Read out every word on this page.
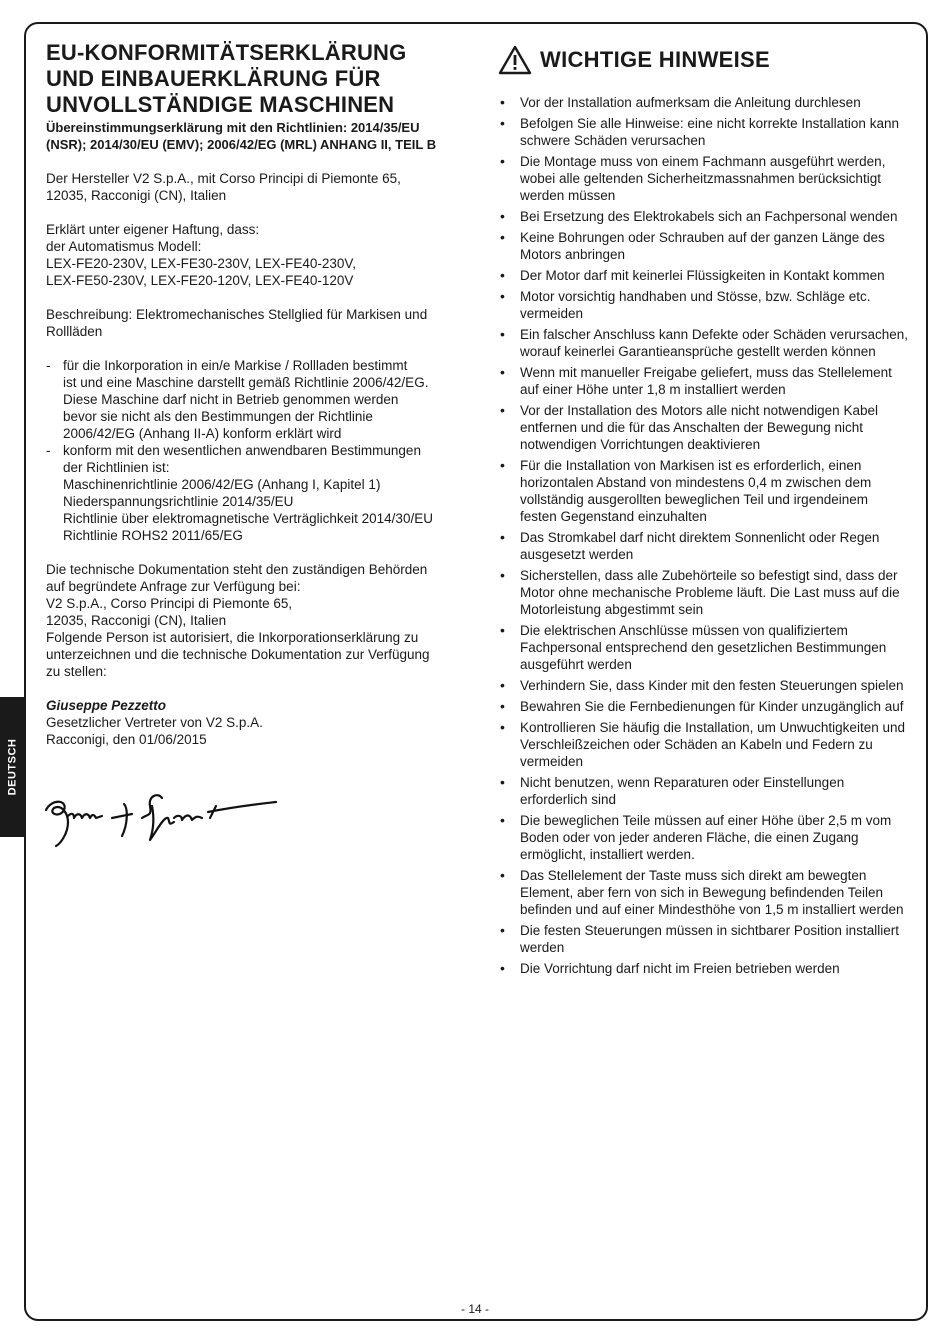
DEUTSCH
EU-KONFORMITÄTSERKLÄRUNG UND EINBAUERKLÄRUNG FÜR UNVOLLSTÄNDIGE MASCHINEN
Übereinstimmungserklärung mit den Richtlinien: 2014/35/EU (NSR); 2014/30/EU (EMV); 2006/42/EG (MRL) ANHANG II, TEIL B
Der Hersteller V2 S.p.A., mit Corso Principi di Piemonte 65,
12035, Racconigi (CN), Italien
Erklärt unter eigener Haftung, dass:
der Automatismus Modell:
LEX-FE20-230V, LEX-FE30-230V, LEX-FE40-230V,
LEX-FE50-230V, LEX-FE20-120V, LEX-FE40-120V
Beschreibung: Elektromechanisches Stellglied für Markisen und
Rollläden
- für die Inkorporation in ein/e Markise / Rollladen bestimmt
ist und eine Maschine darstellt gemäß Richtlinie 2006/42/EG.
Diese Maschine darf nicht in Betrieb genommen werden
bevor sie nicht als den Bestimmungen der Richtlinie
2006/42/EG (Anhang II-A) konform erklärt wird
- konform mit den wesentlichen anwendbaren Bestimmungen
der Richtlinien ist:
Maschinenrichtlinie 2006/42/EG (Anhang I, Kapitel 1)
Niederspannungsrichtlinie 2014/35/EU
Richtlinie über elektromagnetische Verträglichkeit 2014/30/EU
Richtlinie ROHS2 2011/65/EG
Die technische Dokumentation steht den zuständigen Behörden
auf begründete Anfrage zur Verfügung bei:
V2 S.p.A., Corso Principi di Piemonte 65,
12035, Racconigi (CN), Italien
Folgende Person ist autorisiert, die Inkorporationserklärung zu
unterzeichnen und die technische Dokumentation zur Verfügung
zu stellen:
Giuseppe Pezzetto
Gesetzlicher Vertreter von V2 S.p.A.
Racconigi, den 01/06/2015
WICHTIGE HINWEISE
• Vor der Installation aufmerksam die Anleitung durchlesen
• Befolgen Sie alle Hinweise: eine nicht korrekte Installation kann schwere Schäden verursachen
• Die Montage muss von einem Fachmann ausgeführt werden, wobei alle geltenden Sicherheitzmassnahmen berücksichtigt werden müssen
• Bei Ersetzung des Elektrokabels sich an Fachpersonal wenden
• Keine Bohrungen oder Schrauben auf der ganzen Länge des Motors anbringen
• Der Motor darf mit keinerlei Flüssigkeiten in Kontakt kommen
• Motor vorsichtig handhaben und Stösse, bzw. Schläge etc. vermeiden
• Ein falscher Anschluss kann Defekte oder Schäden verursachen, worauf keinerlei Garantieansprüche gestellt werden können
• Wenn mit manueller Freigabe geliefert, muss das Stellelement auf einer Höhe unter 1,8 m installiert werden
• Vor der Installation des Motors alle nicht notwendigen Kabel entfernen und die für das Anschalten der Bewegung nicht notwendigen Vorrichtungen deaktivieren
• Für die Installation von Markisen ist es erforderlich, einen horizontalen Abstand von mindestens 0,4 m zwischen dem vollständig ausgerollten beweglichen Teil und irgendeinem festen Gegenstand einzuhalten
• Das Stromkabel darf nicht direktem Sonnenlicht oder Regen ausgesetzt werden
• Sicherstellen, dass alle Zubehörteile so befestigt sind, dass der Motor ohne mechanische Probleme läuft. Die Last muss auf die Motorleistung abgestimmt sein
• Die elektrischen Anschlüsse müssen von qualifiziertem Fachpersonal entsprechend den gesetzlichen Bestimmungen ausgeführt werden
• Verhindern Sie, dass Kinder mit den festen Steuerungen spielen
• Bewahren Sie die Fernbedienungen für Kinder unzugänglich auf
• Kontrollieren Sie häufig die Installation, um Unwuchtigkeiten und Verschleißzeichen oder Schäden an Kabeln und Federn zu vermeiden
• Nicht benutzen, wenn Reparaturen oder Einstellungen erforderlich sind
• Die beweglichen Teile müssen auf einer Höhe über 2,5 m vom Boden oder von jeder anderen Fläche, die einen Zugang ermöglicht, installiert werden.
• Das Stellelement der Taste muss sich direkt am bewegten Element, aber fern von sich in Bewegung befindenden Teilen befinden und auf einer Mindesthöhe von 1,5 m installiert werden
• Die festen Steuerungen müssen in sichtbarer Position installiert werden
• Die Vorrichtung darf nicht im Freien betrieben werden
- 14 -
